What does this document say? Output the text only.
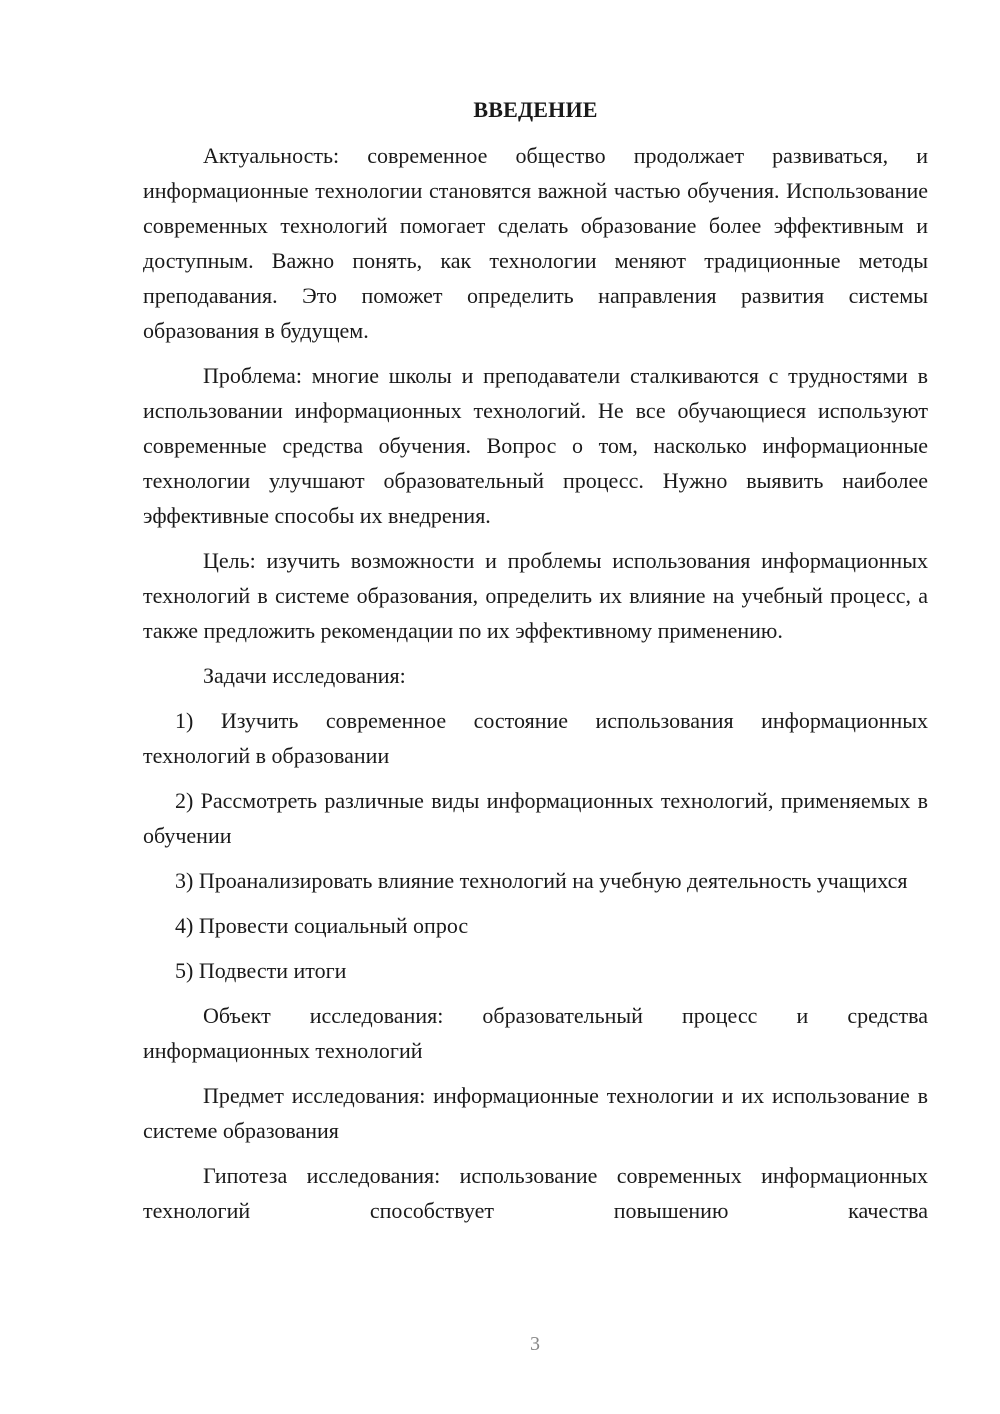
ВВЕДЕНИЕ

Актуальность: современное общество продолжает развиваться, и информационные технологии становятся важной частью обучения. Использование современных технологий помогает сделать образование более эффективным и доступным. Важно понять, как технологии меняют традиционные методы преподавания. Это поможет определить направления развития системы образования в будущем.

Проблема: многие школы и преподаватели сталкиваются с трудностями в использовании информационных технологий. Не все обучающиеся используют современные средства обучения. Вопрос о том, насколько информационные технологии улучшают образовательный процесс. Нужно выявить наиболее эффективные способы их внедрения.

Цель: изучить возможности и проблемы использования информационных технологий в системе образования, определить их влияние на учебный процесс, а также предложить рекомендации по их эффективному применению.

Задачи исследования:

1) Изучить современное состояние использования информационных технологий в образовании

2) Рассмотреть различные виды информационных технологий, применяемых в обучении

3) Проанализировать влияние технологий на учебную деятельность учащихся

4) Провести социальный опрос

5) Подвести итоги

Объект исследования: образовательный процесс и средства информационных технологий

Предмет исследования: информационные технологии и их использование в системе образования

Гипотеза исследования: использование современных информационных технологий способствует повышению качества

3
